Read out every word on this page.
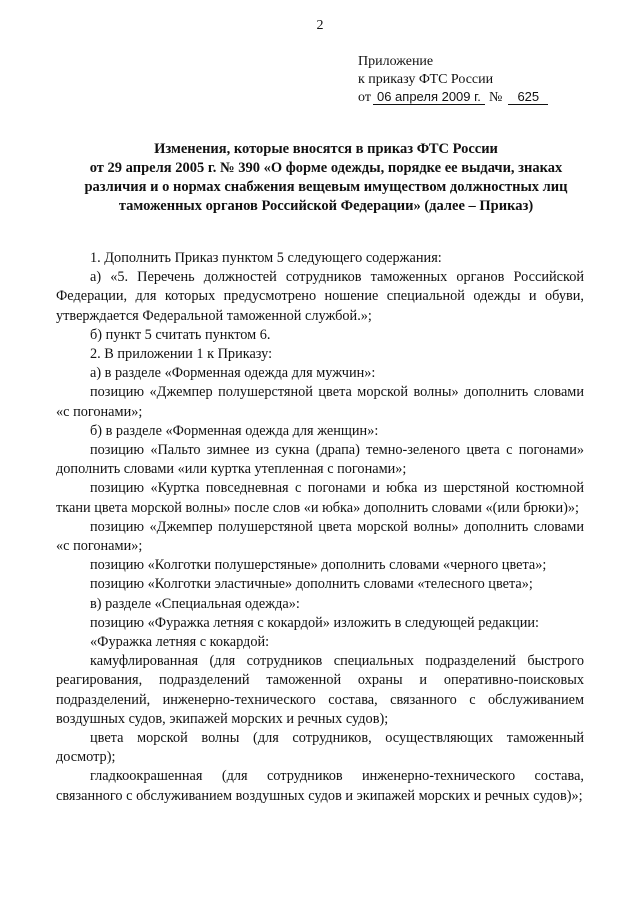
2
Приложение
к приказу ФТС России
от 06 апреля 2009 г. № 625
Изменения, которые вносятся в приказ ФТС России
от 29 апреля 2005 г. № 390 «О форме одежды, порядке ее выдачи, знаках
различия и о нормах снабжения вещевым имуществом должностных лиц
таможенных органов Российской Федерации» (далее – Приказ)

1. Дополнить Приказ пунктом 5 следующего содержания:

а) «5. Перечень должностей сотрудников таможенных органов Российской Федерации, для которых предусмотрено ношение специальной одежды и обуви, утверждается Федеральной таможенной службой.»;

б) пункт 5 считать пунктом 6.

2. В приложении 1 к Приказу:

а) в разделе «Форменная одежда для мужчин»:

позицию «Джемпер полушерстяной цвета морской волны» дополнить словами «с погонами»;

б) в разделе «Форменная одежда для женщин»:

позицию «Пальто зимнее из сукна (драпа) темно-зеленого цвета с погонами» дополнить словами «или куртка утепленная с погонами»;

позицию «Куртка повседневная с погонами и юбка из шерстяной костюмной ткани цвета морской волны» после слов «и юбка» дополнить словами «(или брюки)»;

позицию «Джемпер полушерстяной цвета морской волны» дополнить словами «с погонами»;

позицию «Колготки полушерстяные» дополнить словами «черного цвета»;

позицию «Колготки эластичные» дополнить словами «телесного цвета»;

в) разделе «Специальная одежда»:

позицию «Фуражка летняя с кокардой» изложить в следующей редакции:

«Фуражка летняя с кокардой:

камуфлированная (для сотрудников специальных подразделений быстрого реагирования, подразделений таможенной охраны и оперативно-поисковых подразделений, инженерно-технического состава, связанного с обслуживанием воздушных судов, экипажей морских и речных судов);

цвета морской волны (для сотрудников, осуществляющих таможенный досмотр);

гладкоокрашенная (для сотрудников инженерно-технического состава, связанного с обслуживанием воздушных судов и экипажей морских и речных судов)»;
